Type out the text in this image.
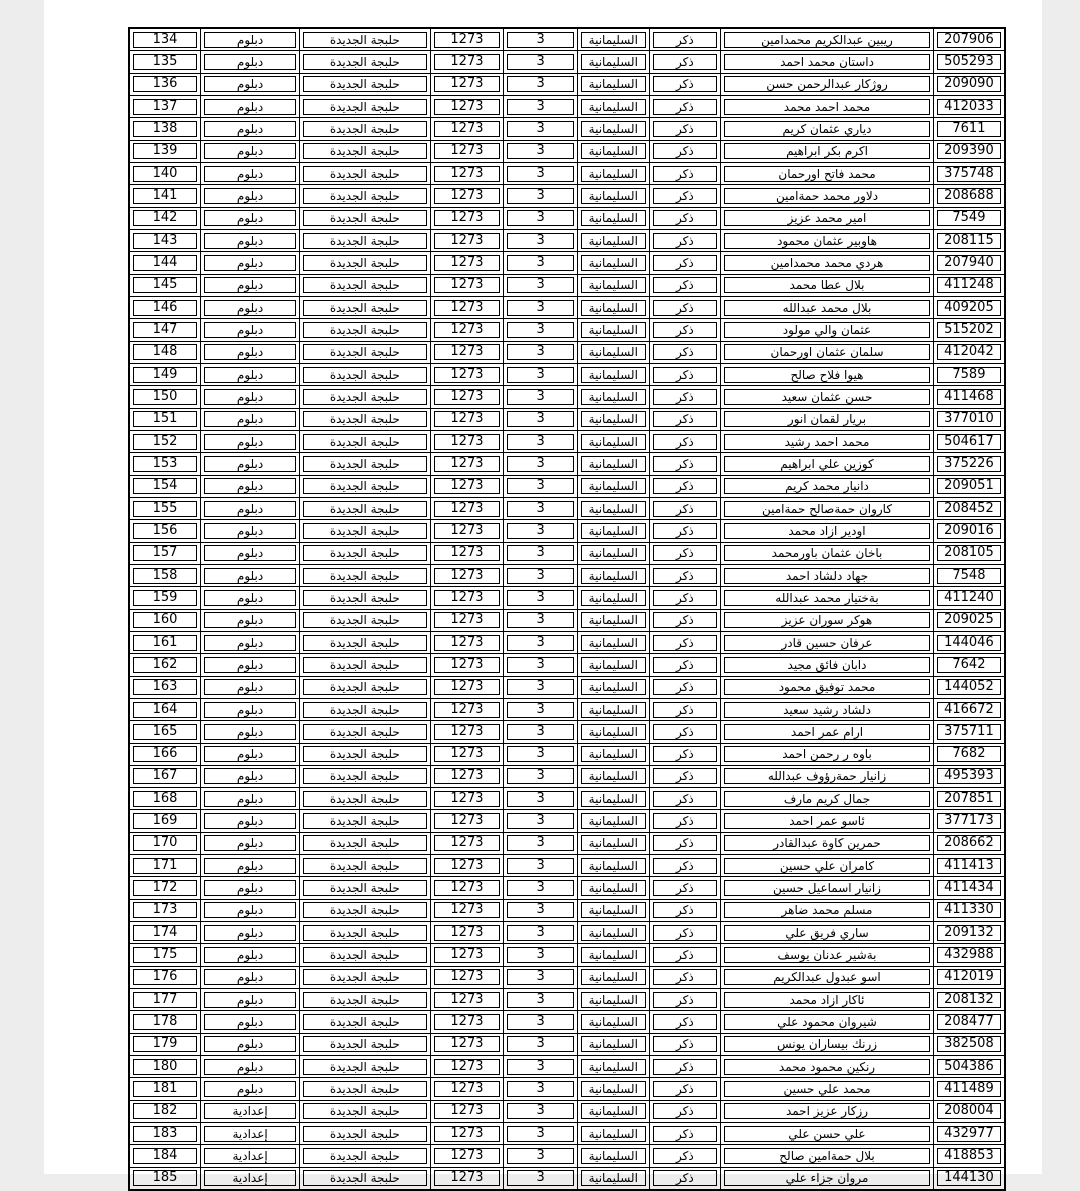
134	دبلوم	حلبجة الجديدة	1273	3	السليمانية	ذكر	ريبين عبدالكريم محمدامين	207906

135	دبلوم	حلبجة الجديدة	1273	3	السليمانية	ذكر	داستان محمد احمد	505293

136	دبلوم	حلبجة الجديدة	1273	3	السليمانية	ذكر	روژكار عبدالرحمن حسن	209090

137	دبلوم	حلبجة الجديدة	1273	3	السليمانية	ذكر	محمد احمد محمد	412033

138	دبلوم	حلبجة الجديدة	1273	3	السليمانية	ذكر	دياري عثمان كريم	7611

139	دبلوم	حلبجة الجديدة	1273	3	السليمانية	ذكر	اكرم بكر ابراهيم	209390

140	دبلوم	حلبجة الجديدة	1273	3	السليمانية	ذكر	محمد فاتح اورحمان	375748

141	دبلوم	حلبجة الجديدة	1273	3	السليمانية	ذكر	دلاور محمد حمةامين	208688

142	دبلوم	حلبجة الجديدة	1273	3	السليمانية	ذكر	امير محمد عزيز	7549

143	دبلوم	حلبجة الجديدة	1273	3	السليمانية	ذكر	هاوبير عثمان محمود	208115

144	دبلوم	حلبجة الجديدة	1273	3	السليمانية	ذكر	هردي محمد محمدامين	207940

145	دبلوم	حلبجة الجديدة	1273	3	السليمانية	ذكر	بلال عطا محمد	411248

146	دبلوم	حلبجة الجديدة	1273	3	السليمانية	ذكر	بلال محمد عبدالله	409205

147	دبلوم	حلبجة الجديدة	1273	3	السليمانية	ذكر	عثمان والي مولود	515202

148	دبلوم	حلبجة الجديدة	1273	3	السليمانية	ذكر	سلمان عثمان اورحمان	412042

149	دبلوم	حلبجة الجديدة	1273	3	السليمانية	ذكر	هيوا فلاح صالح	7589

150	دبلوم	حلبجة الجديدة	1273	3	السليمانية	ذكر	حسن عثمان سعيد	411468

151	دبلوم	حلبجة الجديدة	1273	3	السليمانية	ذكر	بريار لقمان انور	377010

152	دبلوم	حلبجة الجديدة	1273	3	السليمانية	ذكر	محمد احمد رشيد	504617

153	دبلوم	حلبجة الجديدة	1273	3	السليمانية	ذكر	كوزين علي ابراهيم	375226

154	دبلوم	حلبجة الجديدة	1273	3	السليمانية	ذكر	دانيار محمد كريم	209051

155	دبلوم	حلبجة الجديدة	1273	3	السليمانية	ذكر	كاروان حمةصالح حمةامين	208452

156	دبلوم	حلبجة الجديدة	1273	3	السليمانية	ذكر	اودير ازاد محمد	209016

157	دبلوم	حلبجة الجديدة	1273	3	السليمانية	ذكر	باخان عثمان باورمحمد	208105

158	دبلوم	حلبجة الجديدة	1273	3	السليمانية	ذكر	جهاد دلشاد احمد	7548

159	دبلوم	حلبجة الجديدة	1273	3	السليمانية	ذكر	بةختيار محمد عبدالله	411240

160	دبلوم	حلبجة الجديدة	1273	3	السليمانية	ذكر	هوكر سوران عزيز	209025

161	دبلوم	حلبجة الجديدة	1273	3	السليمانية	ذكر	عرفان حسين قادر	144046

162	دبلوم	حلبجة الجديدة	1273	3	السليمانية	ذكر	دابان فائق مجيد	7642

163	دبلوم	حلبجة الجديدة	1273	3	السليمانية	ذكر	محمد توفيق محمود	144052

164	دبلوم	حلبجة الجديدة	1273	3	السليمانية	ذكر	دلشاد رشيد سعيد	416672

165	دبلوم	حلبجة الجديدة	1273	3	السليمانية	ذكر	ارام عمر احمد	375711

166	دبلوم	حلبجة الجديدة	1273	3	السليمانية	ذكر	باوه ر رحمن احمد	7682

167	دبلوم	حلبجة الجديدة	1273	3	السليمانية	ذكر	زانيار حمةرؤوف عبدالله	495393

168	دبلوم	حلبجة الجديدة	1273	3	السليمانية	ذكر	جمال كريم مارف	207851

169	دبلوم	حلبجة الجديدة	1273	3	السليمانية	ذكر	ئاسو عمر احمد	377173

170	دبلوم	حلبجة الجديدة	1273	3	السليمانية	ذكر	حمرين كاوة عبدالقادر	208662

171	دبلوم	حلبجة الجديدة	1273	3	السليمانية	ذكر	كامران علي حسين	411413

172	دبلوم	حلبجة الجديدة	1273	3	السليمانية	ذكر	زانيار اسماعيل حسين	411434

173	دبلوم	حلبجة الجديدة	1273	3	السليمانية	ذكر	مسلم محمد ضاهر	411330

174	دبلوم	حلبجة الجديدة	1273	3	السليمانية	ذكر	ساري فريق علي	209132

175	دبلوم	حلبجة الجديدة	1273	3	السليمانية	ذكر	بةشير عدنان يوسف	432988

176	دبلوم	حلبجة الجديدة	1273	3	السليمانية	ذكر	اسو عبدول عبدالكريم	412019

177	دبلوم	حلبجة الجديدة	1273	3	السليمانية	ذكر	ئاكار ازاد محمد	208132

178	دبلوم	حلبجة الجديدة	1273	3	السليمانية	ذكر	شيروان محمود علي	208477

179	دبلوم	حلبجة الجديدة	1273	3	السليمانية	ذكر	زرنك بيساران يونس	382508

180	دبلوم	حلبجة الجديدة	1273	3	السليمانية	ذكر	رنكين محمود محمد	504386

181	دبلوم	حلبجة الجديدة	1273	3	السليمانية	ذكر	محمد علي حسين	411489

182	إعدادية	حلبجة الجديدة	1273	3	السليمانية	ذكر	رزكار عزيز احمد	208004

183	إعدادية	حلبجة الجديدة	1273	3	السليمانية	ذكر	علي حسن علي	432977

184	إعدادية	حلبجة الجديدة	1273	3	السليمانية	ذكر	بلال حمةامين صالح	418853

185	إعدادية	حلبجة الجديدة	1273	3	السليمانية	ذكر	مروان جزاء علي	144130
